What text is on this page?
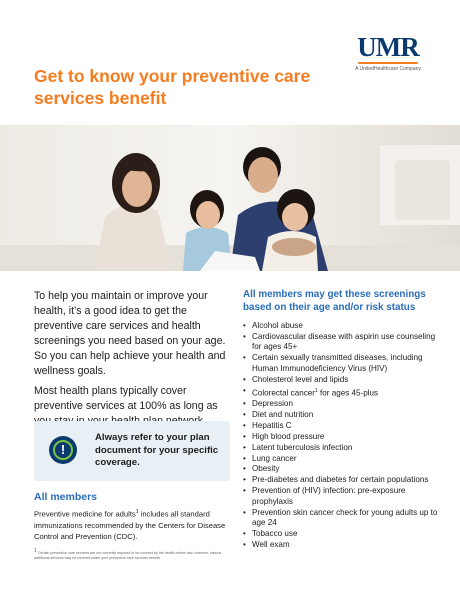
Get to know your preventive care services benefit
UMR
A UnitedHealthcare Company

To help you maintain or improve your health, it’s a good idea to get the preventive care services and health screenings you need based on your age. So you can help achieve your health and wellness goals.

Most health plans typically cover preventive services at 100% as long as

!
Always refer to your plan document for your specific coverage.
All members
Preventive medicine for adults$^1$ includes all standard immunizations recommended by the Centers for Disease Control and Prevention (CDC).
$^1$ Certain preventive care services are not currently required to be covered by the health reform law; however, various additional services may be covered under your preventive care services benefit.
All members may get these screenings based on their age and/or risk status
• Alcohol abuse
• Cardiovascular disease with aspirin use counseling for ages 45+
• Certain sexually transmitted diseases, including Human Immunodeficiency Virus (HIV)
• Cholesterol level and lipids
• Colorectal cancer$^1$ for ages 45-plus
• Depression
• Diet and nutrition
• Hepatitis C
• High blood pressure
• Latent tuberculosis infection
• Lung cancer
• Obesity
• Pre-diabetes and diabetes for certain populations
• Prevention of (HIV) infection: pre-exposure prophylaxis
• Prevention skin cancer check for young adults up to age 24
• Tobacco use
• Well exam
